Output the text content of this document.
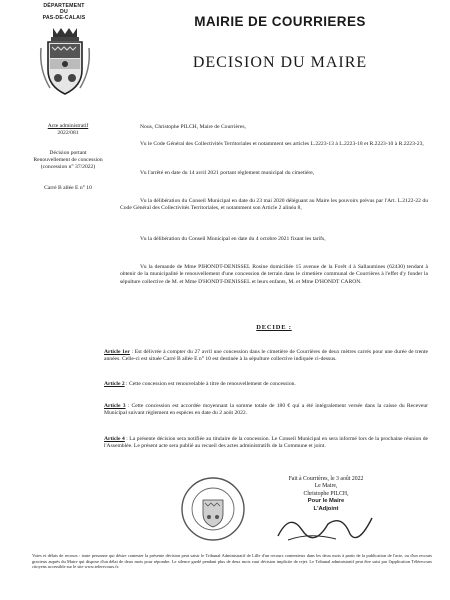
DÉPARTEMENT
DU
PAS-DE-CALAIS	MAIRIE DE COURRIERES
DECISION DU MAIRE
Acte administratif
2022/081
Décision portant
Renouvellement de concession
(concession n° 37/2022)
Carré B allée E n° 10
Nous, Christophe PILCH, Maire de Courrières,
Vu le Code Général des Collectivités Territoriales et notamment ses articles L.2223-13 à L.2223-18 et R.2223-10 à R.2223-23,
Vu l'arrêté en date du 14 avril 2021 portant règlement municipal du cimetière,
Vu la délibération du Conseil Municipal en date du 23 mai 2020 déléguant au Maire les pouvoirs prévus par l'Art. L.2122-22 du Code Général des Collectivités Territoriales, et notamment son Article 2 alinéa 8,
Vu la délibération du Conseil Municipal en date du 4 octobre 2021 fixant les tarifs,
Vu la demande de Mme PIHONDT-DENISSEL Rosine domiciliée 15 avenue de la Forêt 4 à Sallaumines (62430) tendant à obtenir de la municipalité le renouvellement d'une concession de terrain dans le cimetière communal de Courrières à l'effet d'y fonder la sépulture collective de M. et Mme D'HONDT-DENISSEL et leurs enfants, M. et Mme D'HONDT CARON.
DECIDE :
Article 1er : Est délivrée à compter du 27 avril une concession dans le cimetière de Courrières de deux mètres carrés pour une durée de trente années. Celle-ci est située Carré B allée E n° 10 est destinée à la sépulture collective indiquée ci-dessus.
Article 2 : Cette concession est renouvelable à titre de renouvellement de concession.
Article 3 : Cette concession est accordée moyennant la somme totale de 180 € qui a été intégralement versée dans la caisse du Receveur Municipal suivant règlement en espèces en date du 2 août 2022.
Article 4 : La présente décision sera notifiée au titulaire de la concession. Le Conseil Municipal en sera informé lors de la prochaine réunion de l'Assemblée. Le présent acte sera publié au recueil des actes administratifs de la Commune et joint.
Fait à Courrières, le 3 août 2022
Le Maire,
Christophe PILCH,
Pour le Maire
L'Adjoint
Voies et délais de recours : toute personne qui désire contester la présente décision peut saisir le Tribunal Administratif de Lille d'un recours contentieux dans les deux mois à partir de la publication de l'acte, ou d'un recours gracieux auprès du Maire qui dispose d'un délai de deux mois pour répondre. Le silence gardé pendant plus de deux mois vaut décision implicite de rejet. Le Tribunal administratif peut être saisi par l'application Télérecours citoyens accessible sur le site www.telerecours.fr.
